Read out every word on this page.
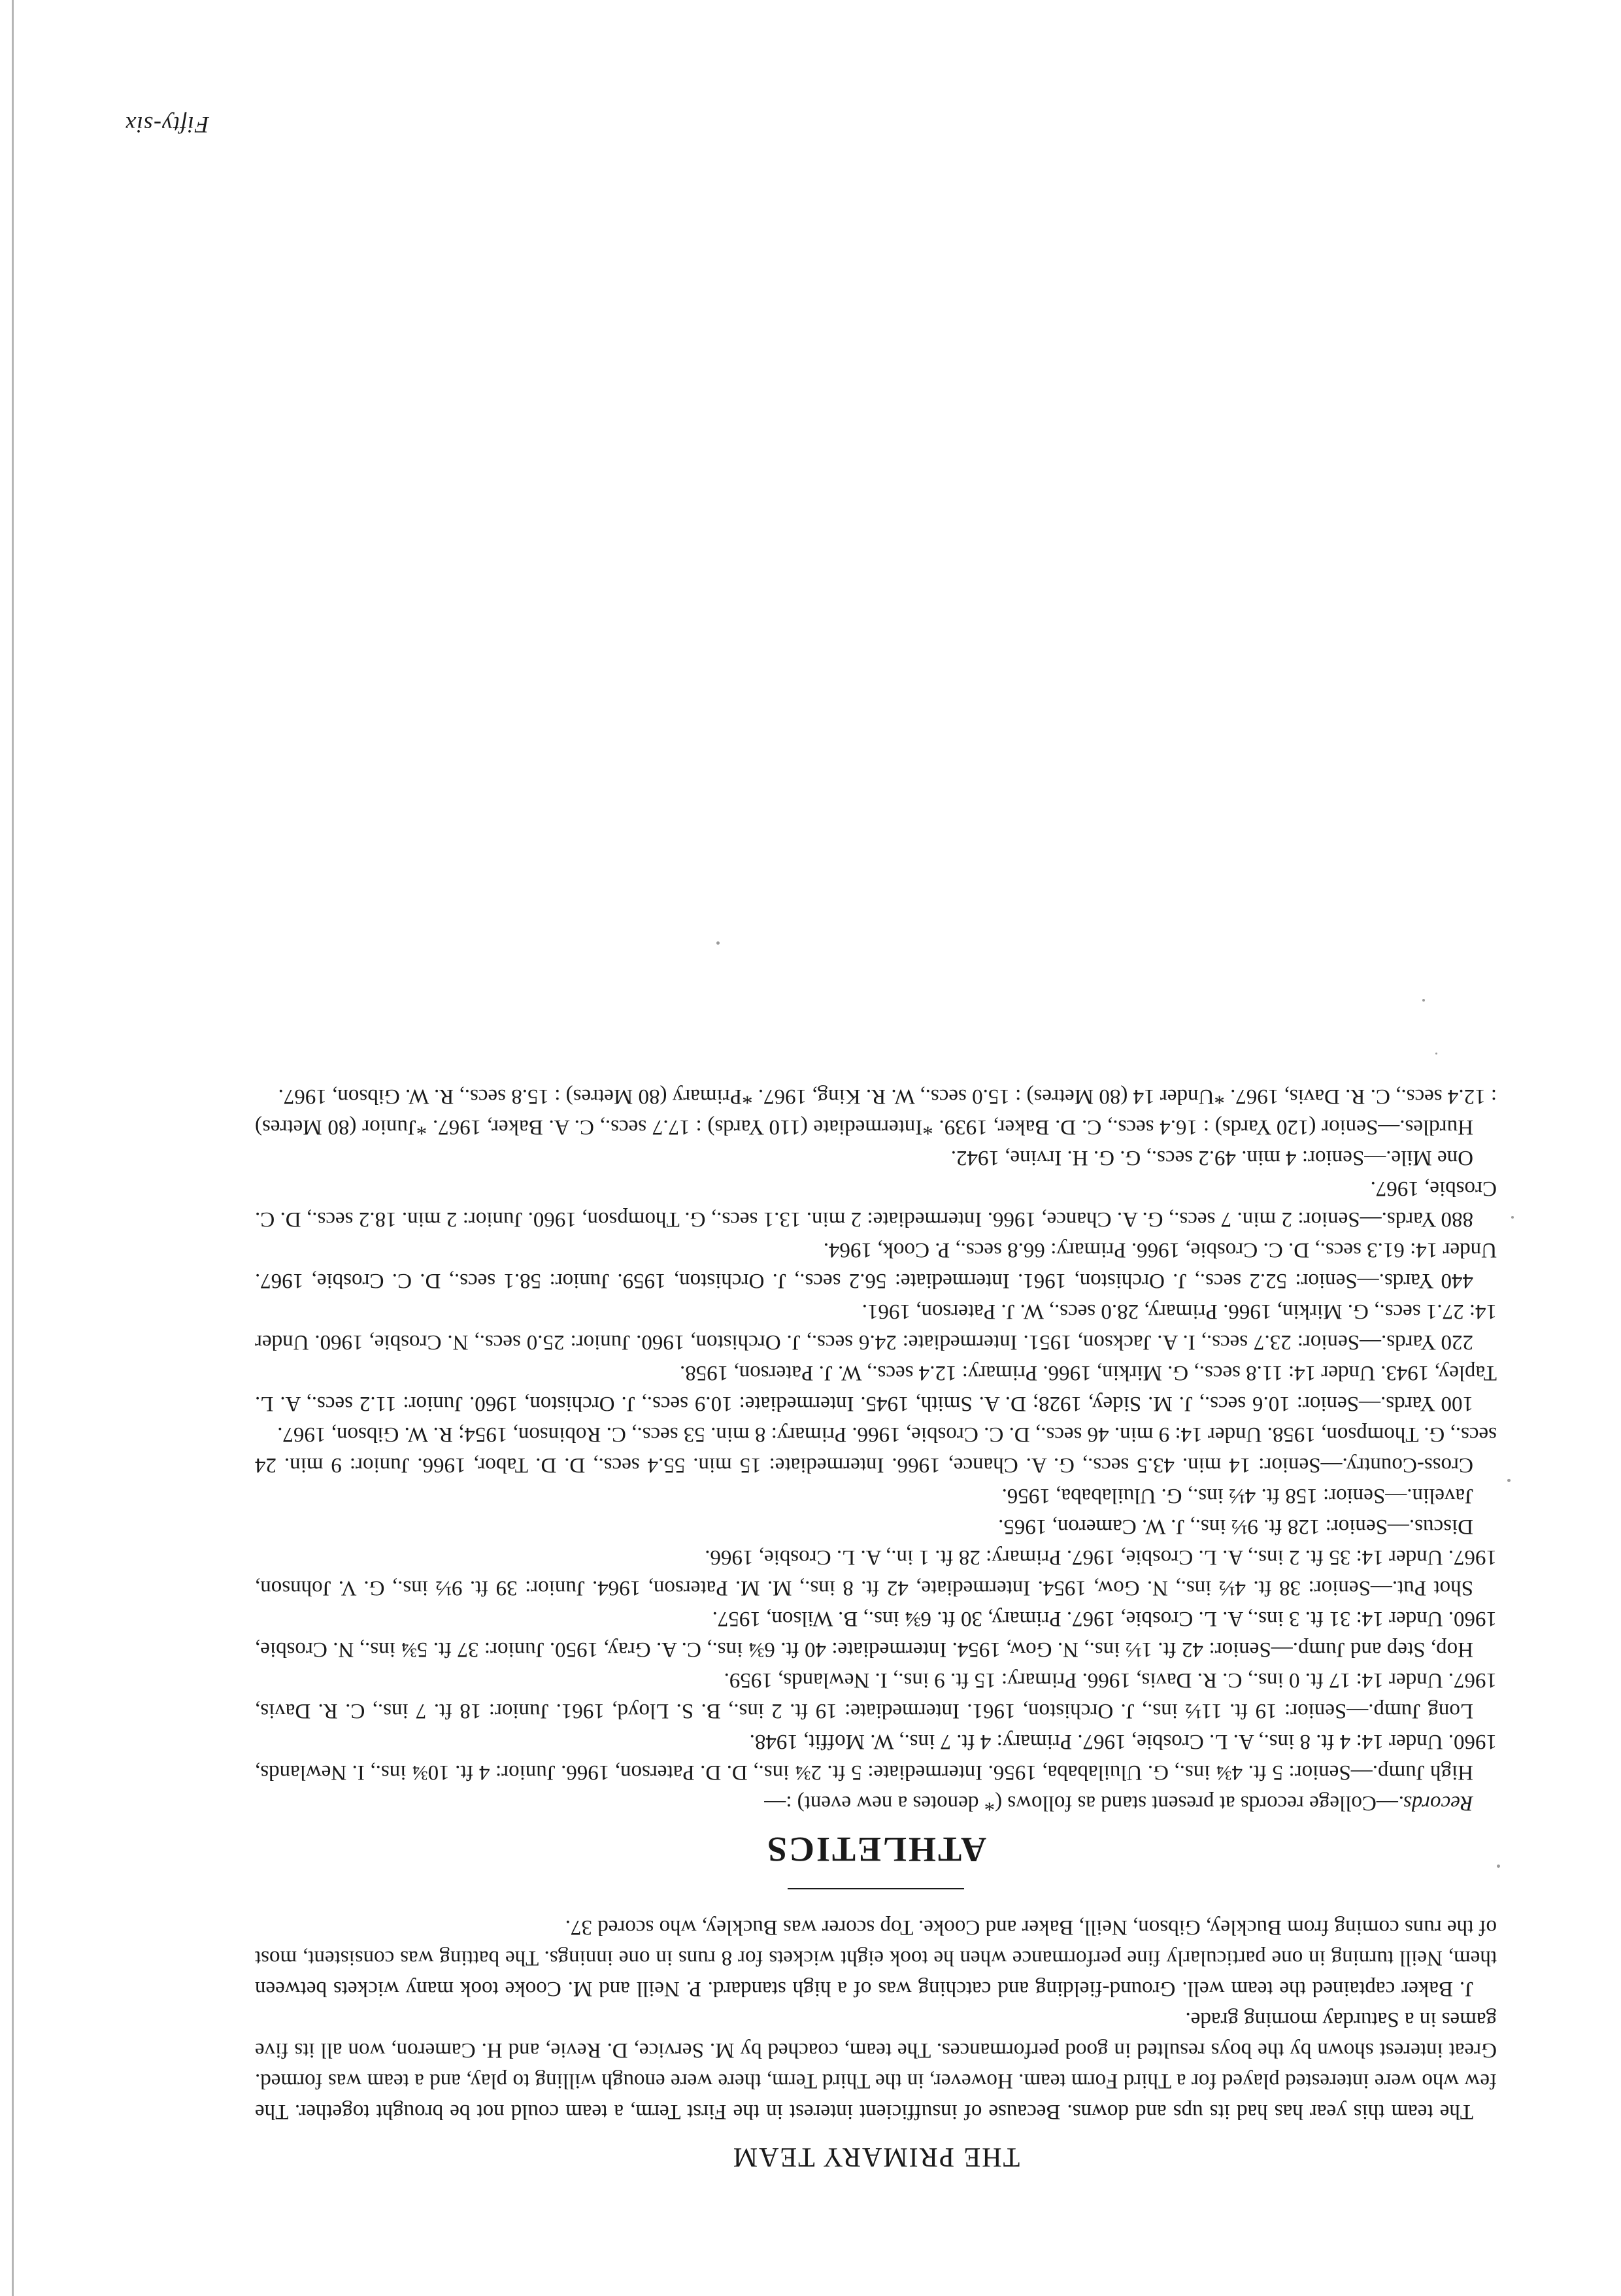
THE PRIMARY TEAM

The team this year has had its ups and downs. Because of insufficient interest in the First Term, a team could not be brought together. The few who were interested played for a Third Form team. However, in the Third Term, there were enough willing to play, and a team was formed. Great interest shown by the boys resulted in good performances. The team, coached by M. Service, D. Revie, and H. Cameron, won all its five games in a Saturday morning grade.

J. Baker captained the team well. Ground-fielding and catching was of a high standard. P. Neill and M. Cooke took many wickets between them, Neill turning in one particularly fine performance when he took eight wickets for 8 runs in one innings. The batting was consistent, most of the runs coming from Buckley, Gibson, Neill, Baker and Cooke. Top scorer was Buckley, who scored 37.

ATHLETICS

Records.—College records at present stand as follows (* denotes a new event) :—

High Jump.—Senior: 5 ft. 4¾ ins., G. Uluilababa, 1956. Intermediate: 5 ft. 2¾ ins., D. D. Paterson, 1966. Junior: 4 ft. 10¾ ins., I. Newlands, 1960. Under 14: 4 ft. 8 ins., A. L. Crosbie, 1967. Primary: 4 ft. 7 ins., W. Moffit, 1948.

Long Jump.—Senior: 19 ft. 11½ ins., J. Orchiston, 1961. Intermediate: 19 ft. 2 ins., B. S. Lloyd, 1961. Junior: 18 ft. 7 ins., C. R. Davis, 1967. Under 14: 17 ft. 0 ins., C. R. Davis, 1966. Primary: 15 ft. 9 ins., I. Newlands, 1959.

Hop, Step and Jump.—Senior: 42 ft. 1½ ins., N. Gow, 1954. Intermediate: 40 ft. 6¾ ins., C. A. Gray, 1950. Junior: 37 ft. 5¾ ins., N. Crosbie, 1960. Under 14: 31 ft. 3 ins., A. L. Crosbie, 1967. Primary, 30 ft. 6¾ ins., B. Wilson, 1957.

Shot Put.—Senior: 38 ft. 4½ ins., N. Gow, 1954. Intermediate, 42 ft. 8 ins., M. M. Paterson, 1964. Junior: 39 ft. 9½ ins., G. V. Johnson, 1967. Under 14: 35 ft. 2 ins., A. L. Crosbie, 1967. Primary: 28 ft. 1 in., A. L. Crosbie, 1966.

Discus.—Senior: 128 ft. 9½ ins., J. W. Cameron, 1965.

Javelin.—Senior: 158 ft. 4½ ins., G. Uluilababa, 1956.

Cross-Country.—Senior: 14 min. 43.5 secs., G. A. Chance, 1966. Intermediate: 15 min. 55.4 secs., D. D. Tabor, 1966. Junior: 9 min. 24 secs., G. Thompson, 1958. Under 14: 9 min. 46 secs., D. C. Crosbie, 1966. Primary: 8 min. 53 secs., C. Robinson, 1954; R. W. Gibson, 1967.

100 Yards.—Senior: 10.6 secs., J. M. Sidey, 1928; D. A. Smith, 1945. Intermediate: 10.9 secs., J. Orchiston, 1960. Junior: 11.2 secs., A. L. Tapley, 1943. Under 14: 11.8 secs., G. Mirkin, 1966. Primary: 12.4 secs., W. J. Paterson, 1958.

220 Yards.—Senior: 23.7 secs., I. A. Jackson, 1951. Intermediate: 24.6 secs., J. Orchiston, 1960. Junior: 25.0 secs., N. Crosbie, 1960. Under 14: 27.1 secs., G. Mirkin, 1966. Primary, 28.0 secs., W. J. Paterson, 1961.

440 Yards.—Senior: 52.2 secs., J. Orchiston, 1961. Intermediate: 56.2 secs., J. Orchiston, 1959. Junior: 58.1 secs., D. C. Crosbie, 1967. Under 14: 61.3 secs., D. C. Crosbie, 1966. Primary: 66.8 secs., P. Cook, 1964.

880 Yards.—Senior: 2 min. 7 secs., G. A. Chance, 1966. Intermediate: 2 min. 13.1 secs., G. Thompson, 1960. Junior: 2 min. 18.2 secs., D. C. Crosbie, 1967.

One Mile.—Senior: 4 min. 49.2 secs., G. G. H. Irvine, 1942.

Hurdles.—Senior (120 Yards) : 16.4 secs., C. D. Baker, 1939. *Intermediate (110 Yards) : 17.7 secs., C. A. Baker, 1967. *Junior (80 Metres) : 12.4 secs., C. R. Davis, 1967. *Under 14 (80 Metres) : 15.0 secs., W. R. King, 1967. *Primary (80 Metres) : 15.8 secs., R. W. Gibson, 1967.

Fifty-six
